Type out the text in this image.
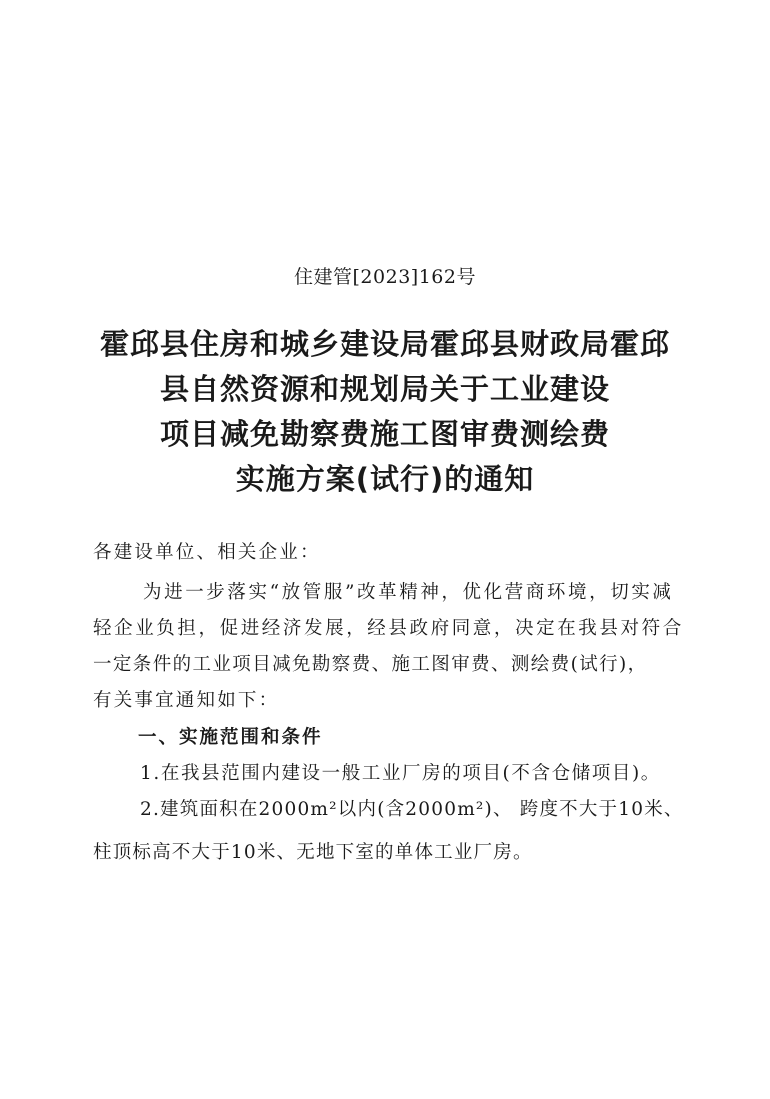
住建管[2023]162号
霍邱县住房和城乡建设局霍邱县财政局霍邱
县自然资源和规划局关于工业建设
项目减免勘察费施工图审费测绘费
实施方案(试行)的通知
各建设单位、相关企业：
为进一步落实“放管服”改革精神，优化营商环境，切实减
轻企业负担，促进经济发展，经县政府同意，决定在我县对符合
一定条件的工业项目减免勘察费、施工图审费、测绘费(试行)，
有关事宜通知如下：
一、实施范围和条件
1.在我县范围内建设一般工业厂房的项目(不含仓储项目)。
2.建筑面积在2000m²以内(含2000m²)、 跨度不大于10米、
柱顶标高不大于10米、无地下室的单体工业厂房。
